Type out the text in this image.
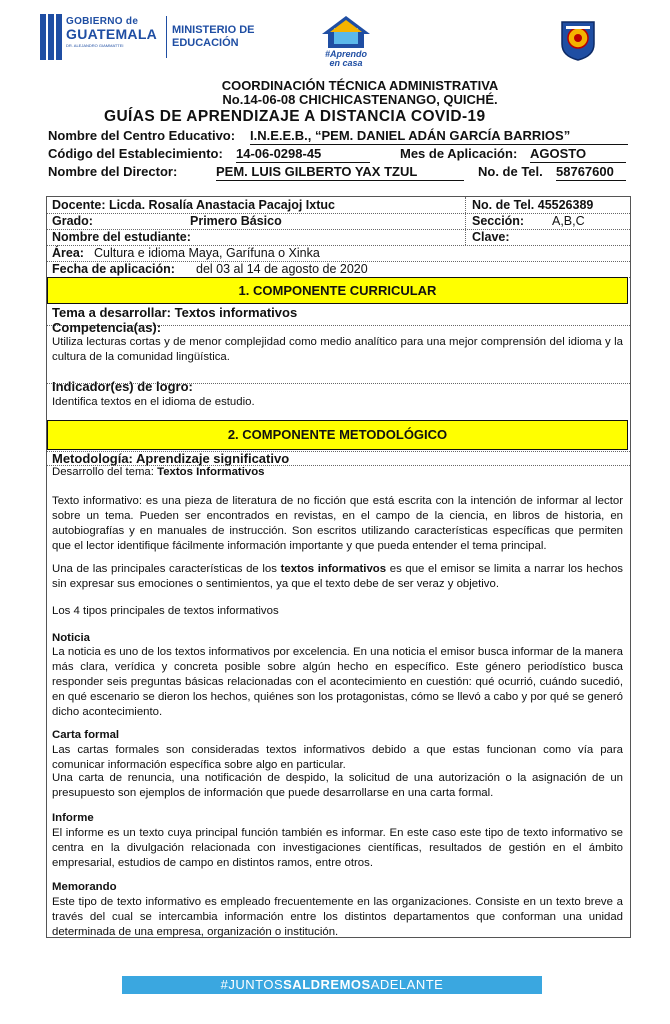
GOBIERNO de
GUATEMALA
DR. ALEJANDRO GIAMMATTEI
MINISTERIO DE
EDUCACIÓN
#Aprendo
en casa
COORDINACIÓN TÉCNICA ADMINISTRATIVA
No.14-06-08 CHICHICASTENANGO, QUICHÉ.
GUÍAS DE APRENDIZAJE A DISTANCIA COVID-19
Nombre del Centro Educativo: I.N.E.E.B., “PEM. DANIEL ADÁN GARCÍA BARRIOS”
Código del Establecimiento: 14-06-0298-45	Mes de Aplicación: AGOSTO
Nombre del Director:	PEM. LUIS GILBERTO YAX TZUL	No. de Tel. 58767600
Docente: Licda. Rosalía Anastacia Pacajoj Ixtuc	No. de Tel. 45526389
Grado:	Primero Básico	Sección: A,B,C
Nombre del estudiante:	Clave:
Área: Cultura e idioma Maya, Garífuna o Xinka
Fecha de aplicación: del 03 al 14 de agosto de 2020
1. COMPONENTE CURRICULAR
Tema a desarrollar: Textos informativos
Competencia(as):
Utiliza lecturas cortas y de menor complejidad como medio analítico para una mejor comprensión del idioma y la cultura de la comunidad lingüística.
Indicador(es) de logro:
Identifica textos en el idioma de estudio.
2. COMPONENTE METODOLÓGICO
Metodología: Aprendizaje significativo
Desarrollo del tema: Textos Informativos
Texto informativo: es una pieza de literatura de no ficción que está escrita con la intención de informar al lector sobre un tema. Pueden ser encontrados en revistas, en el campo de la ciencia, en libros de historia, en autobiografías y en manuales de instrucción. Son escritos utilizando características específicas que permiten que el lector identifique fácilmente información importante y que pueda entender el tema principal.
Una de las principales características de los textos informativos es que el emisor se limita a narrar los hechos sin expresar sus emociones o sentimientos, ya que el texto debe de ser veraz y objetivo.
Los 4 tipos principales de textos informativos
Noticia
La noticia es uno de los textos informativos por excelencia. En una noticia el emisor busca informar de la manera más clara, verídica y concreta posible sobre algún hecho en específico. Este género periodístico busca responder seis preguntas básicas relacionadas con el acontecimiento en cuestión: qué ocurrió, cuándo sucedió, en qué escenario se dieron los hechos, quiénes son los protagonistas, cómo se llevó a cabo y por qué se generó dicho acontecimiento.
Carta formal
Las cartas formales son consideradas textos informativos debido a que estas funcionan como vía para comunicar información específica sobre algo en particular.
Una carta de renuncia, una notificación de despido, la solicitud de una autorización o la asignación de un presupuesto son ejemplos de información que puede desarrollarse en una carta formal.
Informe
El informe es un texto cuya principal función también es informar. En este caso este tipo de texto informativo se centra en la divulgación relacionada con investigaciones científicas, resultados de gestión en el ámbito empresarial, estudios de campo en distintos ramos, entre otros.
Memorando
Este tipo de texto informativo es empleado frecuentemente en las organizaciones. Consiste en un texto breve a través del cual se intercambia información entre los distintos departamentos que conforman una unidad determinada de una empresa, organización o institución.
#JUNTOSSALDREMOSADELANTE
